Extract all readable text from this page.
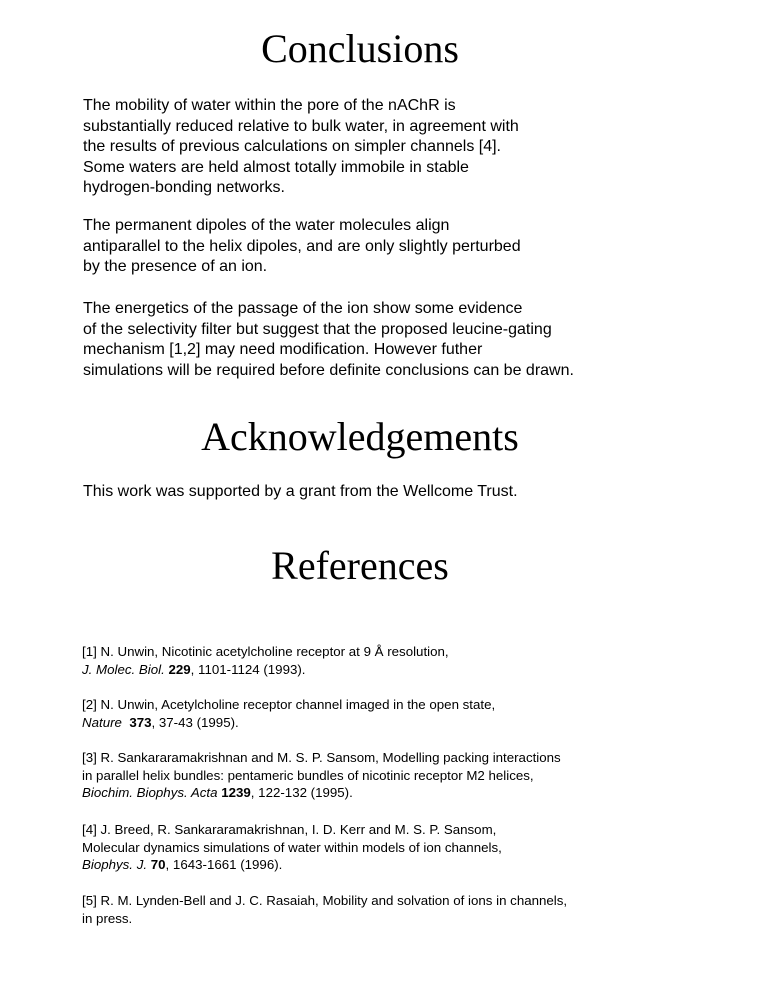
Conclusions

The mobility of water within the pore of the nAChR is
substantially reduced relative to bulk water, in agreement with
the results of previous calculations on simpler channels [4].
Some waters are held almost totally immobile in stable
hydrogen-bonding networks.

The permanent dipoles of the water molecules align
antiparallel to the helix dipoles, and are only slightly perturbed
by the presence of an ion.

The energetics of the passage of the ion show some evidence
of the selectivity filter but suggest that the proposed leucine-gating
mechanism [1,2] may need modification. However futher
simulations will be required before definite conclusions can be drawn.

Acknowledgements

This work was supported by a grant from the Wellcome Trust.

References
[1] N. Unwin, Nicotinic acetylcholine receptor at 9 Å resolution,
J. Molec. Biol. 229, 1101-1124 (1993).
[2] N. Unwin, Acetylcholine receptor channel imaged in the open state,
Nature 373, 37-43 (1995).
[3] R. Sankararamakrishnan and M. S. P. Sansom, Modelling packing interactions
in parallel helix bundles: pentameric bundles of nicotinic receptor M2 helices,
Biochim. Biophys. Acta 1239, 122-132 (1995).
[4] J. Breed, R. Sankararamakrishnan, I. D. Kerr and M. S. P. Sansom,
Molecular dynamics simulations of water within models of ion channels,
Biophys. J. 70, 1643-1661 (1996).
[5] R. M. Lynden-Bell and J. C. Rasaiah, Mobility and solvation of ions in channels,
in press.
